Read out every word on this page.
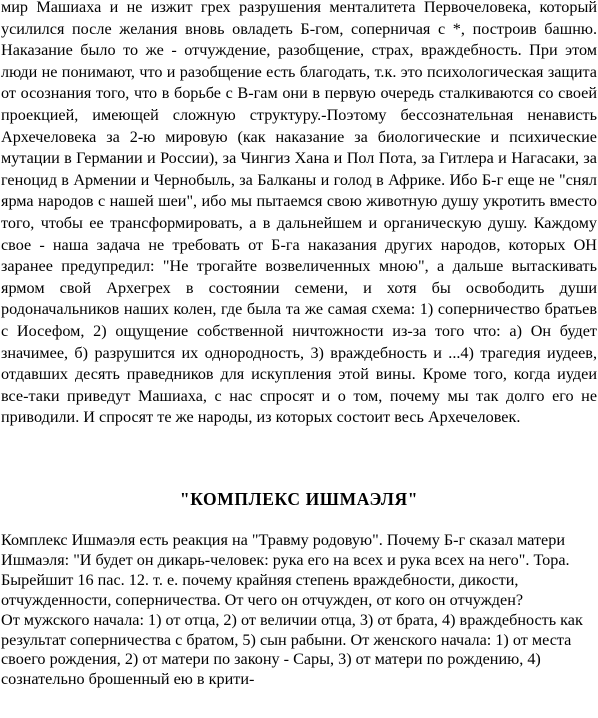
мир Машиаха и не изжит грех разрушения менталитета Первочеловека, который усилился после желания вновь овладеть Б-гом, соперничая с *, построив башню. Наказание было то же - отчуждение, разобщение, страх, враждебность. При этом люди не понимают, что и разобщение есть благодать, т.к. это психологическая защита от осознания того, что в борьбе с В-гам они в первую очередь сталкиваются со своей проекцией, имеющей сложную структуру.-Поэтому бессознательная ненависть Архечеловека за 2-ю мировую (как наказание за биологические и психические мутации в Германии и России), за Чингиз Хана и Пол Пота, за Гитлера и Нагасаки, за геноцид в Армении и Чернобыль, за Балканы и голод в Африке. Ибо Б-г еще не "снял ярма народов с нашей шеи", ибо мы пытаемся свою животную душу укротить вместо того, чтобы ее трансформировать, а в дальнейшем и органическую душу. Каждому свое - наша задача не требовать от Б-га наказания других народов, которых ОН заранее предупредил: "Не трогайте возвеличенных мною", а дальше вытаскивать ярмом свой Архегрех в состоянии семени, и хотя бы освободить души родоначальников наших колен, где была та же самая схема: 1) соперничество братьев с Иосефом, 2) ощущение собственной ничтожности из-за того что: а) Он будет значимее, б) разрушится их однородность, 3) враждебность и ...4) трагедия иудеев, отдавших десять праведников для искупления этой вины. Кроме того, когда иудеи все-таки приведут Машиаха, с нас спросят и о том, почему мы так долго его не приводили. И спросят те же народы, из которых состоит весь Архечеловек.

"КОМПЛЕКС ИШМАЭЛЯ"

Комплекс Ишмаэля есть реакция на "Травму родовую". Почему Б-г сказал матери Ишмаэля: "И будет он дикарь-человек: рука его на всех и рука всех на него". Тора. Бырейшит 16 пас. 12. т. е. почему крайняя степень враждебности, дикости, отчужденности, соперничества. От чего он отчужден, от кого он отчужден?
От мужского начала: 1) от отца, 2) от величии отца, 3) от брата, 4) враждебность как результат соперничества с братом, 5) сын рабыни. От женского начала: 1) от места своего рождения, 2) от матери по закону - Сары, 3) от матери по рождению, 4) сознательно брошенный ею в крити-
